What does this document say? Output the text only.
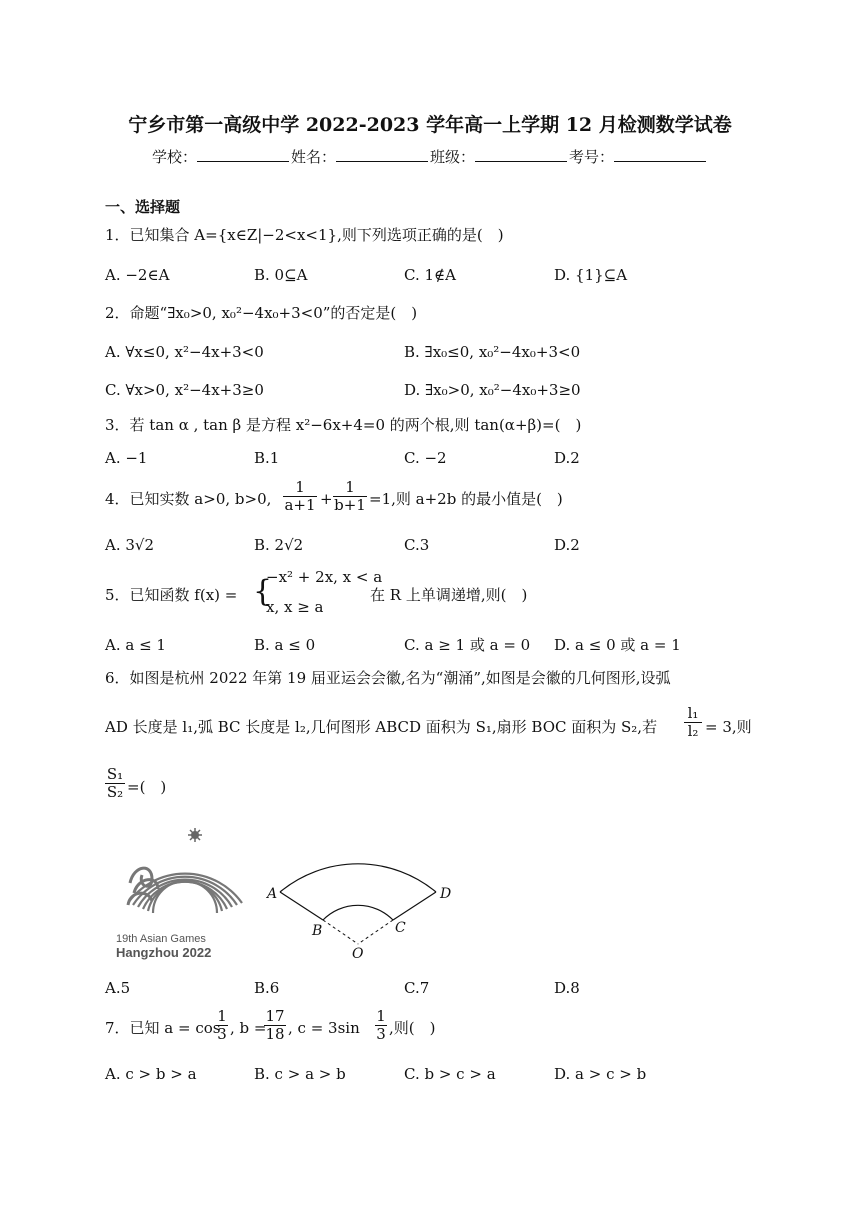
宁乡市第一高级中学 2022-2023 学年高一上学期 12 月检测数学试卷
学校：	姓名：	班级：	考号：
一、选择题
1．已知集合 A={x∈Z|−2<x<1},则下列选项正确的是(　)
A. −2∈A	B. 0⊆A	C. 1∉A	D. {1}⊆A
2．命题“∃x₀>0, x₀²−4x₀+3<0”的否定是(　)
A. ∀x≤0, x²−4x+3<0	B. ∃x₀≤0, x₀²−4x₀+3<0
C. ∀x>0, x²−4x+3≥0	D. ∃x₀>0, x₀²−4x₀+3≥0
3．若 tan α , tan β 是方程 x²−6x+4=0 的两个根,则 tan(α+β)=(　)
A. −1	B.1	C. −2	D.2
4．已知实数 a>0, b>0, $\frac{1}{a+1} + \frac{1}{b+1} =1$,则 a+2b 的最小值是(　)
A. 3√2	B. 2√2	C.3	D.2
5．已知函数 f(x) = {
−x² + 2x, x < a
x, x ≥ a
在 R 上单调递增,则(　)
A. a ≤ 1	B. a ≤ 0	C. a ≥ 1 或 a = 0 D. a ≤ 0 或 a = 1
6．如图是杭州 2022 年第 19 届亚运会会徽,名为“潮涌”,如图是会徽的几何图形,设弧
AD 长度是 l₁,弧 BC 长度是 l₂,几何图形 ABCD 面积为 S₁,扇形 BOC 面积为 S₂,若 $\frac{\text{l₁}}{\text{l₂}} = 3$,则
$\frac{\text{S₁}}{\text{S₂}}$ =(　)
19th Asian Games
Hangzhou 2022
A	D
B	C
O
A.5	B.6	C.7	D.8
7．已知 a = cos
$\frac{1}{3}$ , b =
$\frac{17}{18}$ , $c = 3\sin \frac{1}{3}$ ,则(　)
A. c > b > a	B. c > a > b	C. b > c > a	D. a > c > b
